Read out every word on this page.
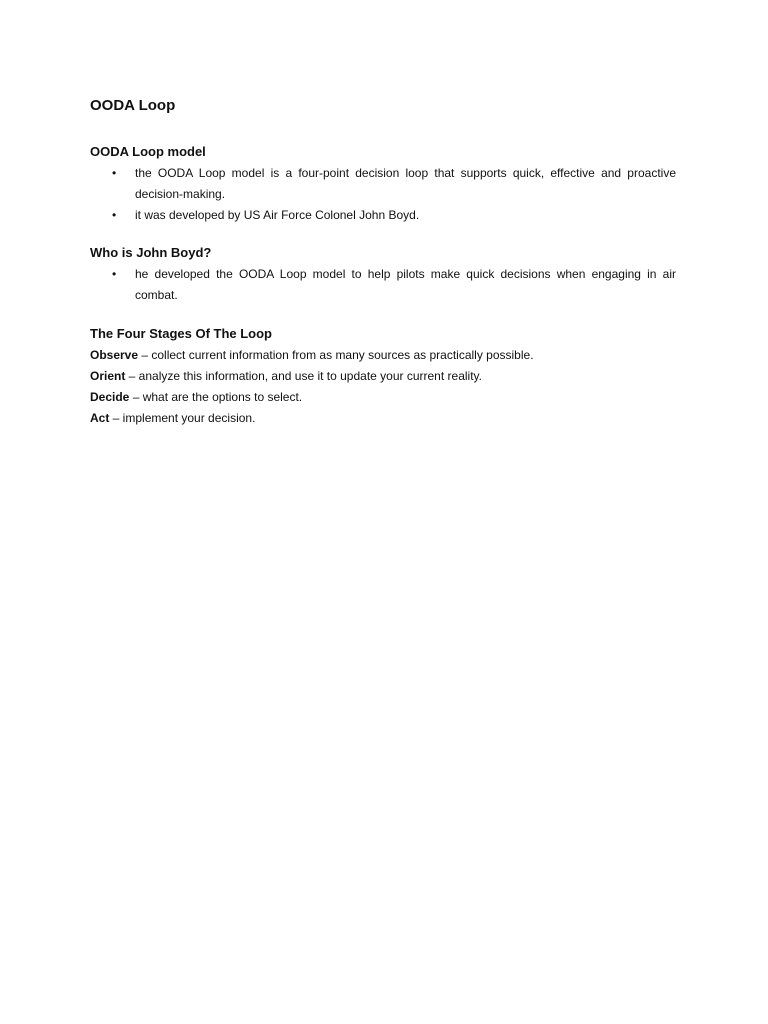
OODA Loop
OODA Loop model
• the OODA Loop model is a four-point decision loop that supports quick, effective and proactive decision-making.
• it was developed by US Air Force Colonel John Boyd.
Who is John Boyd?
• he developed the OODA Loop model to help pilots make quick decisions when engaging in air combat.
The Four Stages Of The Loop

Observe – collect current information from as many sources as practically possible.

Orient – analyze this information, and use it to update your current reality.

Decide – what are the options to select.

Act – implement your decision.
